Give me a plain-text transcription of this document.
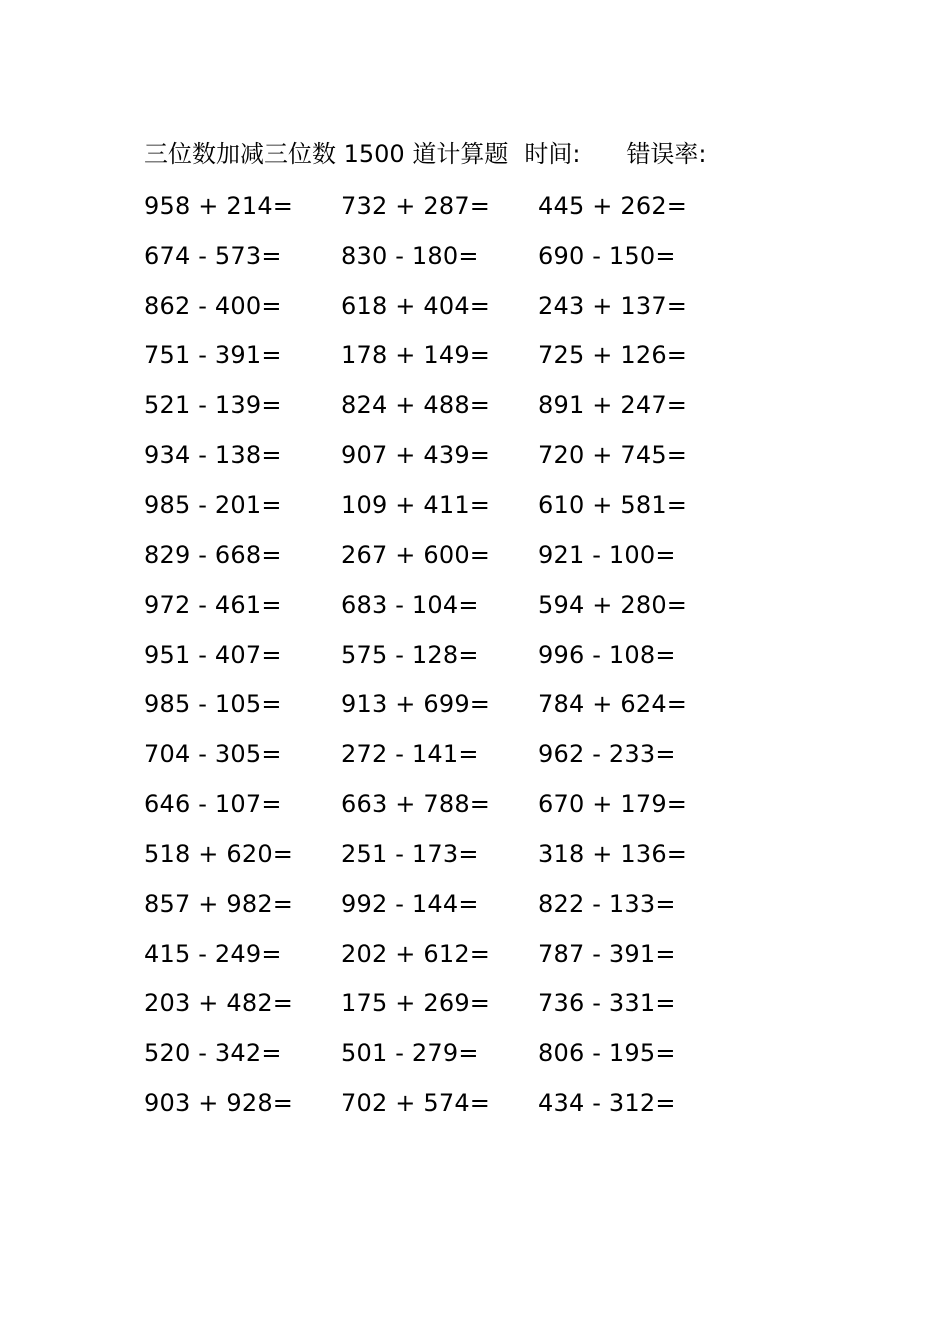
三位数加减三位数 1500 道计算题 时间: 错误率:
958 + 214=	732 + 287=	445 + 262=
674 - 573=	830 - 180=	690 - 150=
862 - 400=	618 + 404=	243 + 137=
751 - 391=	178 + 149=	725 + 126=
521 - 139=	824 + 488=	891 + 247=
934 - 138=	907 + 439=	720 + 745=
985 - 201=	109 + 411=	610 + 581=
829 - 668=	267 + 600=	921 - 100=
972 - 461=	683 - 104=	594 + 280=
951 - 407=	575 - 128=	996 - 108=
985 - 105=	913 + 699=	784 + 624=
704 - 305=	272 - 141=	962 - 233=
646 - 107=	663 + 788=	670 + 179=
518 + 620=	251 - 173=	318 + 136=
857 + 982=	992 - 144=	822 - 133=
415 - 249=	202 + 612=	787 - 391=
203 + 482=	175 + 269=	736 - 331=
520 - 342=	501 - 279=	806 - 195=
903 + 928=	702 + 574=	434 - 312=
